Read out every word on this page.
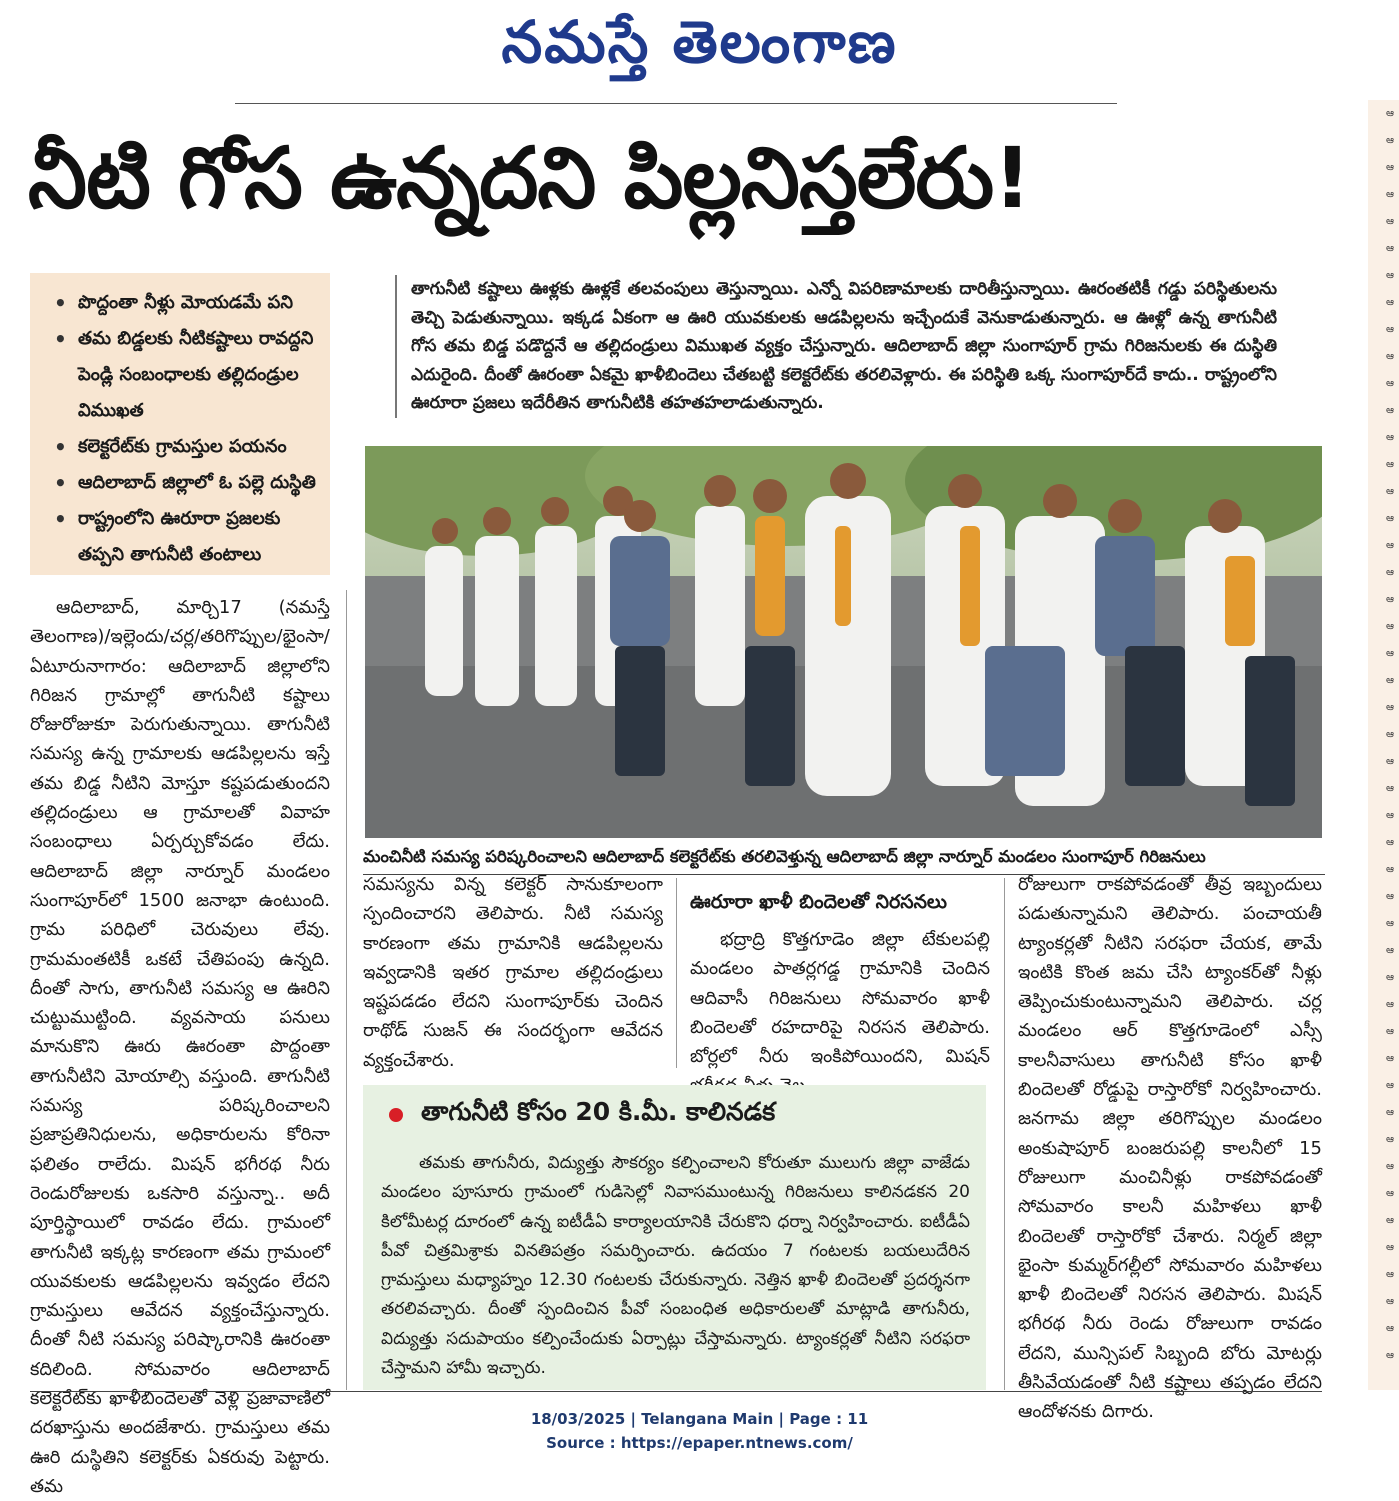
నమస్తే తెలంగాణ
నీటి గోస ఉన్నదని పిల్లనిస్తలేరు!
• పొద్దంతా నీళ్లు మోయడమే పని
• తమ బిడ్డలకు నీటికష్టాలు రావద్దని పెండ్లి సంబంధాలకు తల్లిదండ్రుల విముఖత
• కలెక్టరేట్‌కు గ్రామస్తుల పయనం
• ఆదిలాబాద్ జిల్లాలో ఓ పల్లె దుస్థితి
• రాష్ట్రంలోని ఊరూరా ప్రజలకు తప్పని తాగునీటి తంటాలు
తాగునీటి కష్టాలు ఊళ్లకు ఊళ్లకే తలవంపులు తెస్తున్నాయి. ఎన్నో విపరిణామాలకు దారితీస్తున్నాయి. ఊరంతటికీ గడ్డు పరిస్థితులను తెచ్చి పెడుతున్నాయి. ఇక్కడ ఏకంగా ఆ ఊరి యువకులకు ఆడపిల్లలను ఇచ్చేందుకే వెనుకాడుతున్నారు. ఆ ఊళ్లో ఉన్న తాగునీటి గోస తమ బిడ్డ పడొద్దనే ఆ తల్లిదండ్రులు విముఖత వ్యక్తం చేస్తున్నారు. ఆదిలాబాద్ జిల్లా సుంగాపూర్ గ్రామ గిరిజనులకు ఈ దుస్థితి ఎదురైంది. దీంతో ఊరంతా ఏకమై ఖాళీబిందెలు చేతబట్టి కలెక్టరేట్‌కు తరలివెళ్లారు. ఈ పరిస్థితి ఒక్క సుంగాపూర్‌దే కాదు.. రాష్ట్రంలోని ఊరూరా ప్రజలు ఇదేరీతిన తాగునీటికి తహతహలాడుతున్నారు.
మంచినీటి సమస్య పరిష్కరించాలని ఆదిలాబాద్ కలెక్టరేట్‌కు తరలివెళ్తున్న ఆదిలాబాద్ జిల్లా నార్నూర్ మండలం సుంగాపూర్ గిరిజనులు
ఆదిలాబాద్, మార్చి17 (నమస్తే తెలంగాణ)/ఇల్లెందు/చర్ల/తరిగొప్పుల/భైంసా/ఏటూరునాగారం: ఆదిలాబాద్ జిల్లాలోని గిరిజన గ్రామాల్లో తాగునీటి కష్టాలు రోజురోజుకూ పెరుగుతున్నాయి. తాగునీటి సమస్య ఉన్న గ్రామాలకు ఆడపిల్లలను ఇస్తే తమ బిడ్డ నీటిని మోస్తూ కష్టపడుతుందని తల్లిదండ్రులు ఆ గ్రామాలతో వివాహ సంబంధాలు ఏర్పర్చుకోవడం లేదు. ఆదిలాబాద్ జిల్లా నార్నూర్ మండలం సుంగాపూర్‌లో 1500 జనాభా ఉంటుంది. గ్రామ పరిధిలో చెరువులు లేవు. గ్రామమంతటికీ ఒకటే చేతిపంపు ఉన్నది. దీంతో సాగు, తాగునీటి సమస్య ఆ ఊరిని చుట్టుముట్టింది. వ్యవసాయ పనులు మానుకొని ఊరు ఊరంతా పొద్దంతా తాగునీటిని మోయాల్సి వస్తుంది. తాగునీటి సమస్య పరిష్కరించాలని ప్రజాప్రతినిధులను, అధికారులను కోరినా ఫలితం రాలేదు. మిషన్ భగీరథ నీరు రెండురోజులకు ఒకసారి వస్తున్నా.. అదీ పూర్తిస్థాయిలో రావడం లేదు. గ్రామంలో తాగునీటి ఇక్కట్ల కారణంగా తమ గ్రామంలో యువకులకు ఆడపిల్లలను ఇవ్వడం లేదని గ్రామస్తులు ఆవేదన వ్యక్తంచేస్తున్నారు. దీంతో నీటి సమస్య పరిష్కారానికి ఊరంతా కదిలింది. సోమవారం ఆదిలాబాద్ కలెక్టరేట్‌కు ఖాళీబిందెలతో వెళ్లి ప్రజావాణిలో దరఖాస్తును అందజేశారు. గ్రామస్తులు తమ ఊరి దుస్థితిని కలెక్టర్‌కు ఏకరువు పెట్టారు. తమ
సమస్యను విన్న కలెక్టర్ సానుకూలంగా స్పందించారని తెలిపారు. నీటి సమస్య కారణంగా తమ గ్రామానికి ఆడపిల్లలను ఇవ్వడానికి ఇతర గ్రామాల తల్లిదండ్రులు ఇష్టపడడం లేదని సుంగాపూర్‌కు చెందిన రాథోడ్ సుజన్ ఈ సందర్భంగా ఆవేదన వ్యక్తంచేశారు.
ఊరూరా ఖాళీ బిందెలతో నిరసనలు
భద్రాద్రి కొత్తగూడెం జిల్లా టేకులపల్లి మండలం పాతర్లగడ్డ గ్రామానికి చెందిన ఆదివాసీ గిరిజనులు సోమవారం ఖాళీ బిందెలతో రహదారిపై నిరసన తెలిపారు. బోర్లలో నీరు ఇంకిపోయిందని, మిషన్
రోజులుగా రాకపోవడంతో తీవ్ర ఇబ్బందులు పడుతున్నామని తెలిపారు. పంచాయతీ ట్యాంకర్లతో నీటిని సరఫరా చేయక, తామే ఇంటికి కొంత జమ చేసి ట్యాంకర్‌తో నీళ్లు తెప్పించుకుంటున్నామని తెలిపారు. చర్ల మండలం ఆర్ కొత్తగూడెంలో ఎస్సీ కాలనీవాసులు తాగునీటి కోసం ఖాళీ బిందెలతో రోడ్డుపై రాస్తారోకో నిర్వహించారు. జనగామ జిల్లా తరిగొప్పుల మండలం అంకుషాపూర్ బంజరుపల్లి కాలనీలో 15 రోజులుగా మంచినీళ్లు రాకపోవడంతో సోమవారం కాలనీ మహిళలు ఖాళీ బిందెలతో రాస్తారోకో చేశారు. నిర్మల్ జిల్లా భైంసా కుమ్మర్‌గల్లీలో సోమవారం మహిళలు ఖాళీ బిందెలతో నిరసన తెలిపారు. మిషన్ భగీరథ నీరు రెండు రోజులుగా రావడం లేదని, మున్సిపల్ సిబ్బంది బోరు మోటర్లు తీసివేయడంతో నీటి కష్టాలు తప్పడం లేదని ఆందోళనకు దిగారు.
తాగునీటి కోసం 20 కి.మీ. కాలినడక
తమకు తాగునీరు, విద్యుత్తు సౌకర్యం కల్పించాలని కోరుతూ ములుగు జిల్లా వాజేడు మండలం పూసూరు గ్రామంలో గుడిసెల్లో నివాసముంటున్న గిరిజనులు కాలినడకన 20 కిలోమీటర్ల దూరంలో ఉన్న ఐటీడీఏ కార్యాలయానికి చేరుకొని ధర్నా నిర్వహించారు. ఐటీడీఏ పీవో చిత్రమిశ్రాకు వినతిపత్రం సమర్పించారు. ఉదయం 7 గంటలకు బయలుదేరిన గ్రామస్తులు మధ్యాహ్నం 12.30 గంటలకు చేరుకున్నారు. నెత్తిన ఖాళీ బిందెలతో ప్రదర్శనగా తరలివచ్చారు. దీంతో స్పందించిన పీవో సంబంధిత అధికారులతో మాట్లాడి తాగునీరు, విద్యుత్తు సదుపాయం కల్పించేందుకు ఏర్పాట్లు చేస్తామన్నారు. ట్యాంకర్లతో నీటిని సరఫరా చేస్తామని హామీ ఇచ్చారు.
18/03/2025 | Telangana Main | Page : 11
Source : https://epaper.ntnews.com/
ఆ
ఆ
ఆ
ఆ
ఆ
ఆ
ఆ
ఆ
ఆ
ఆ
ఆ
ఆ
ఆ
ఆ
ఆ
ఆ
ఆ
ఆ
ఆ
ఆ
ఆ
ఆ
ఆ
ఆ
ఆ
ఆ
ఆ
ఆ
ఆ
ఆ
ఆ
ఆ
ఆ
ఆ
ఆ
ఆ
ఆ
ఆ
ఆ
ఆ
ఆ
ఆ
ఆ
ఆ
ఆ
ఆ
ఆ
